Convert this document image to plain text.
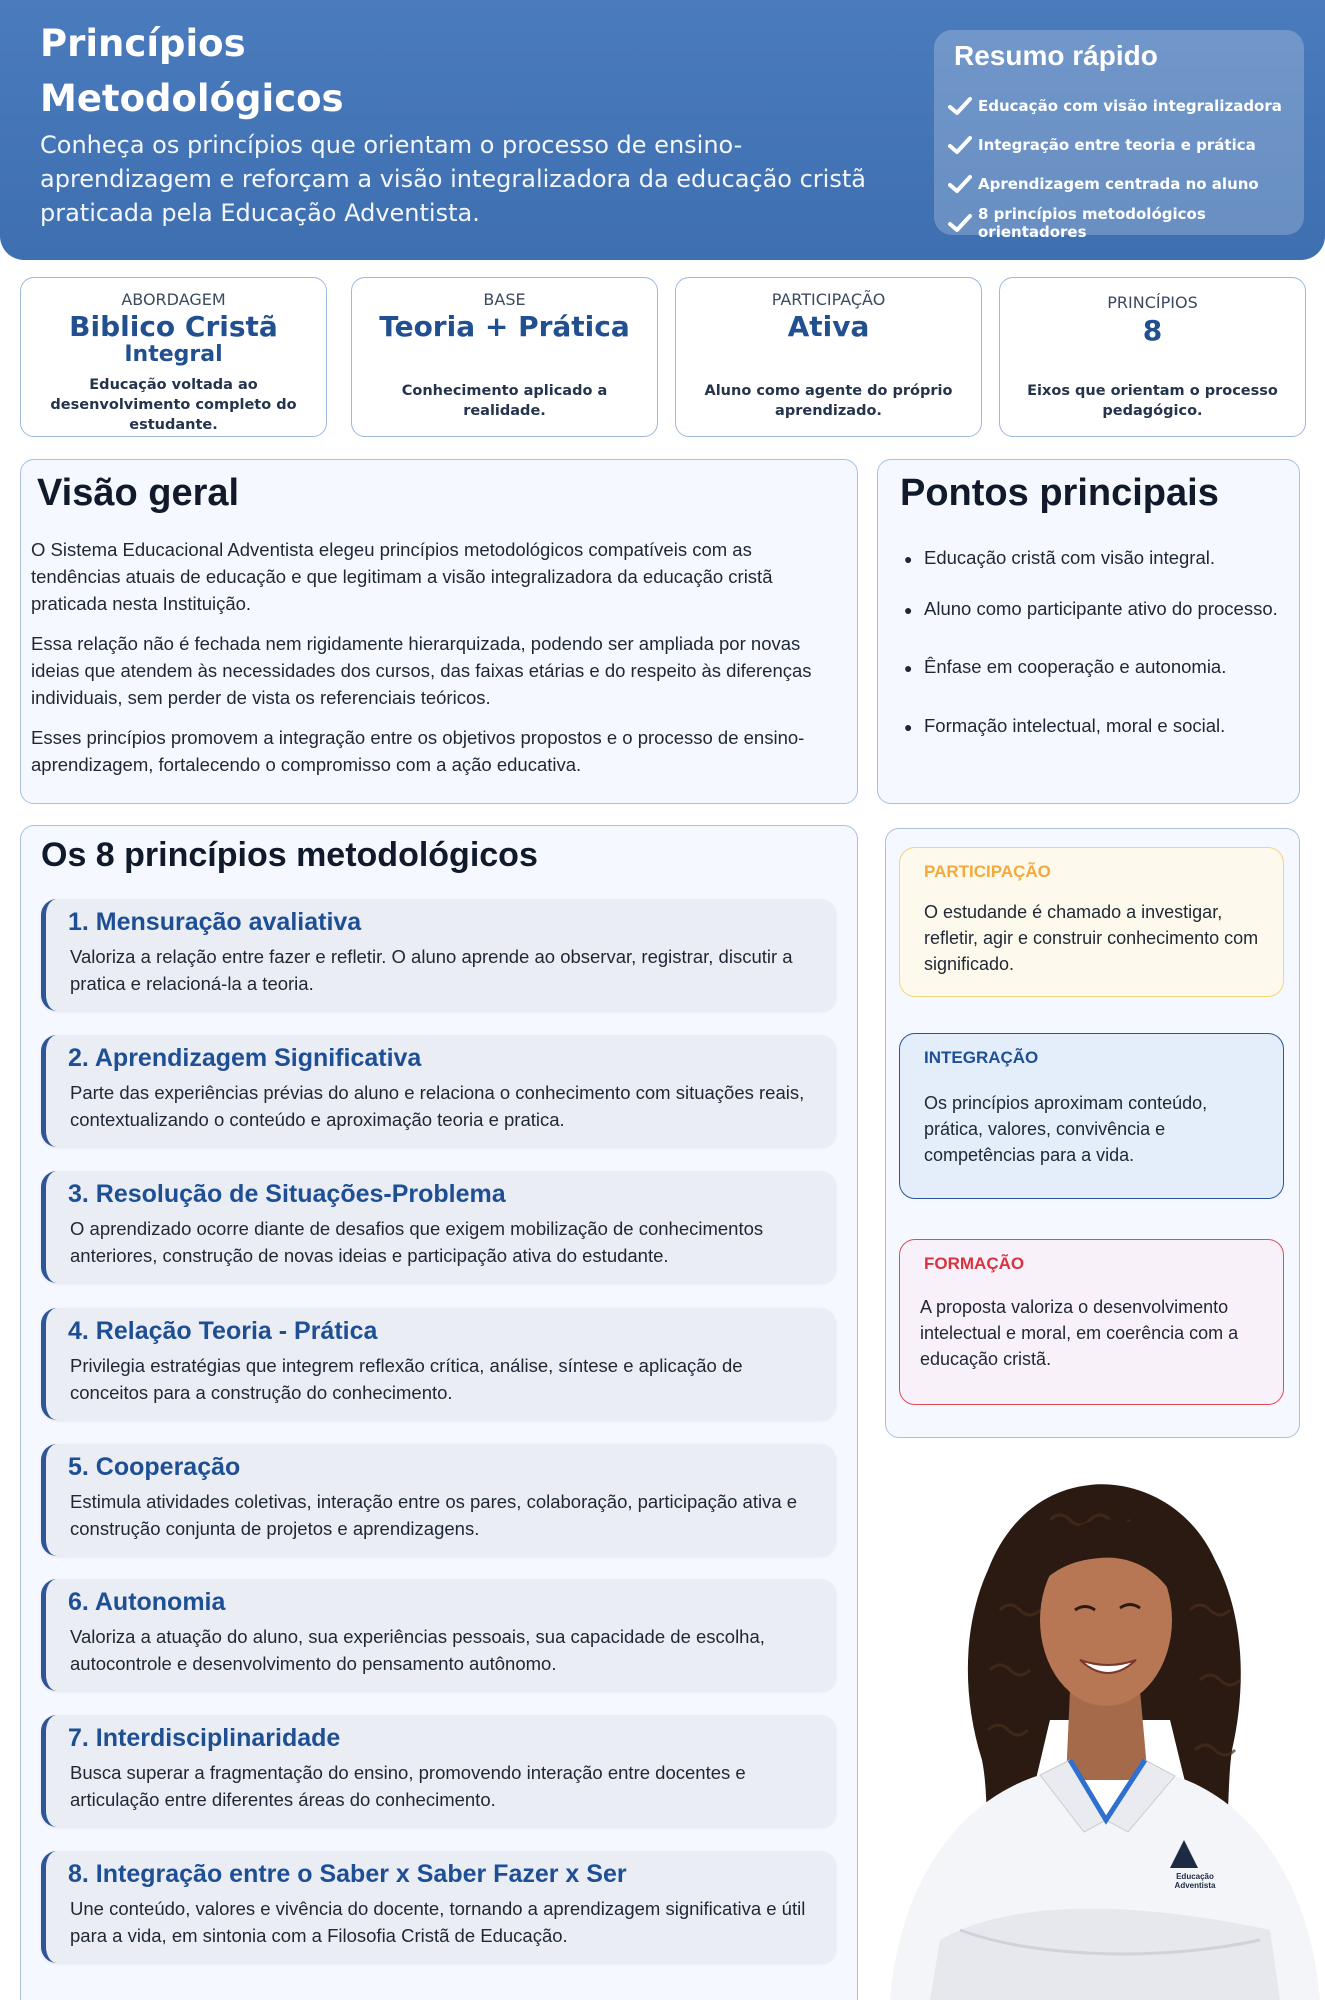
Princípios Metodológicos
Conheça os princípios que orientam o processo de ensino-aprendizagem e reforçam a visão integralizadora da educação cristã praticada pela Educação Adventista.
Resumo rápido
Educação com visão integralizadora
Integração entre teoria e prática
Aprendizagem centrada no aluno
8 princípios metodológicos orientadores
ABORDAGEM
Biblico Cristã
Integral
Educação voltada ao desenvolvimento completo do estudante.
BASE
Teoria + Prática
Conhecimento aplicado a realidade.
PARTICIPAÇÃO
Ativa
Aluno como agente do próprio aprendizado.
PRINCÍPIOS
8
Eixos que orientam o processo pedagógico.
Visão geral

O Sistema Educacional Adventista elegeu princípios metodológicos compatíveis com as tendências atuais de educação e que legitimam a visão integralizadora da educação cristã praticada nesta Instituição.

Essa relação não é fechada nem rigidamente hierarquizada, podendo ser ampliada por novas ideias que atendem às necessidades dos cursos, das faixas etárias e do respeito às diferenças individuais, sem perder de vista os referenciais teóricos.

Esses princípios promovem a integração entre os objetivos propostos e o processo de ensino-aprendizagem, fortalecendo o compromisso com a ação educativa.

Pontos principais
● Educação cristã com visão integral.
● Aluno como participante ativo do processo.
● Ênfase em cooperação e autonomia.
● Formação intelectual, moral e social.
Os 8 princípios metodológicos
1. Mensuração avaliativa
Valoriza a relação entre fazer e refletir. O aluno aprende ao observar, registrar, discutir a pratica e relacioná-la a teoria.
2. Aprendizagem Significativa
Parte das experiências prévias do aluno e relaciona o conhecimento com situações reais, contextualizando o conteúdo e aproximação teoria e pratica.
3. Resolução de Situações-Problema
O aprendizado ocorre diante de desafios que exigem mobilização de conhecimentos anteriores, construção de novas ideias e participação ativa do estudante.
4. Relação Teoria - Prática
Privilegia estratégias que integrem reflexão crítica, análise, síntese e aplicação de conceitos para a construção do conhecimento.
5. Cooperação
Estimula atividades coletivas, interação entre os pares, colaboração, participação ativa e construção conjunta de projetos e aprendizagens.
6. Autonomia
Valoriza a atuação do aluno, sua experiências pessoais, sua capacidade de escolha, autocontrole e desenvolvimento do pensamento autônomo.
7. Interdisciplinaridade
Busca superar a fragmentação do ensino, promovendo interação entre docentes e articulação entre diferentes áreas do conhecimento.
8. Integração entre o Saber x Saber Fazer x Ser
Une conteúdo, valores e vivência do docente, tornando a aprendizagem significativa e útil para a vida, em sintonia com a Filosofia Cristã de Educação.
PARTICIPAÇÃO
O estudande é chamado a investigar, refletir, agir e construir conhecimento com significado.
INTEGRAÇÃO
Os princípios aproximam conteúdo, prática, valores, convivência e competências para a vida.
FORMAÇÃO
A proposta valoriza o desenvolvimento intelectual e moral, em coerência com a educação cristã.
Educação Adventista
